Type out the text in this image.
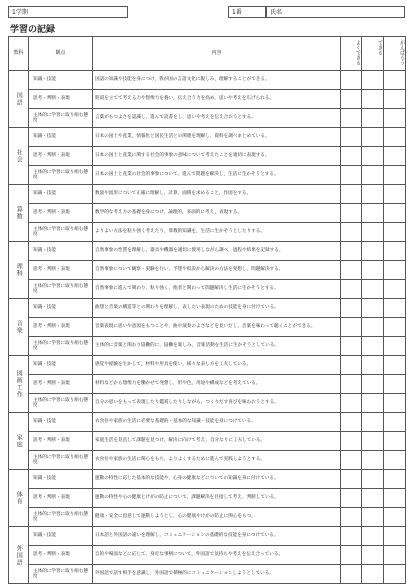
1学期	1番	氏名
学習の記録
教科	観点	内容	よくできる	できる	がんばろう
国語	知識・技能	国語の知識や技能を身につけ，我が国の言語文化に親しみ，理解することができる。			
	思考・判断・表現	筋道を立てて考える力や想像力を養い，伝え合う力を高め，思いや考えを広げられる。			
	主体的に学習に取り組む態度	言葉がもつよさを認識し，進んで読書をし，思いや考えを伝え合おうとする。			
社会	知識・技能	日本の国土や産業，情報化と国民生活との関連を理解し，資料を調べまとめている。			
	思考・判断・表現	日本の国土と産業に関する社会的事象の意味について考えたことを適切に表現する。			
	主体的に学習に取り組む態度	日本の国土と産業の社会的事象について，進んで問題を解決し，生活に生かそうとする。			
算数	知識・技能	数量や図形について正確に理解し，計算，面積を求めること，作図をする。			
	思考・判断・表現	数学的な考え方の基礎を身につけ，論理的，多面的に考え，表現する。			
	主体的に学習に取り組む態度	よりよい方法を粘り強く考えたり，算数的知識を，生活に生かそうとしたりする。			
理科	知識・技能	自然事象の性質を理解し，器具や機器を適切に使用しながら調べ，過程や結果を記録する。			
	思考・判断・表現	自然事象について観察・実験を行い，予想や仮説から解決の方法を発想し，問題解決する。			
	主体的に学習に取り組む態度	自然事象に進んで関わり，粘り強く，他者と関わって問題解決し生活に生かそうとする。			
音楽	知識・技能	曲想と音楽の構造等との関わりを理解し，表したい表現のための技能を身に付けている。			
	思考・判断・表現	音楽表現に思いや意図をもつことや，曲や演奏のよさなどを見いだし，音楽を味わって聴くことができる。			
	主体的に学習に取り組む態度	主体的に音楽と関わり協働的に，協働を楽しみ，音楽活動を生活に生かそうとしている。			
図画工作	知識・技能	感覚や経験を生かして，材料や用具を使い，様々な表し方を工夫している。			
	思考・判断・表現	材料などから想像力を働かせて発想し，形や色，用途や構成などを考えている。			
	主体的に学習に取り組む態度	自分の思いをもって表現したり鑑賞したりしながら，つくりだす喜びを味わおうとする。			
家庭	知識・技能	衣食住や家族の生活に必要な基礎的・基本的な知識・技能を身につけている。			
	思考・判断・表現	家庭生活を見直して課題を見つけ，解決に向けて考え，自分なりに工夫している。			
	主体的に学習に取り組む態度	衣食住や家族の生活に関心をもち，よりよくするために進んで実践しようとする。			
体育	知識・技能	運動の特性に応じた基本的な技能や，心身の健康などについての知識を身に付けている。			
	思考・判断・表現	運動の特性や心の健康とけがの防止について，課題解決を目指して考え，判断している。			
	主体的に学習に取り組む態度	健康・安全に留意して運動しようとし，心の健康やけがの防止に関心をもつ。			
外国語	知識・技能	日本語と外国語の違いを理解し，コミュニケーションの基礎的な技能を身につけている。			
	思考・判断・表現	自的や場面などに応じて，身近な事柄について，外国語で気持ちや考えを伝え合っている。			
	主体的に学習に取り組む態度	外国語で話す相手を意識し，外国語で積極的にコミュニケーションしようとしている。			
